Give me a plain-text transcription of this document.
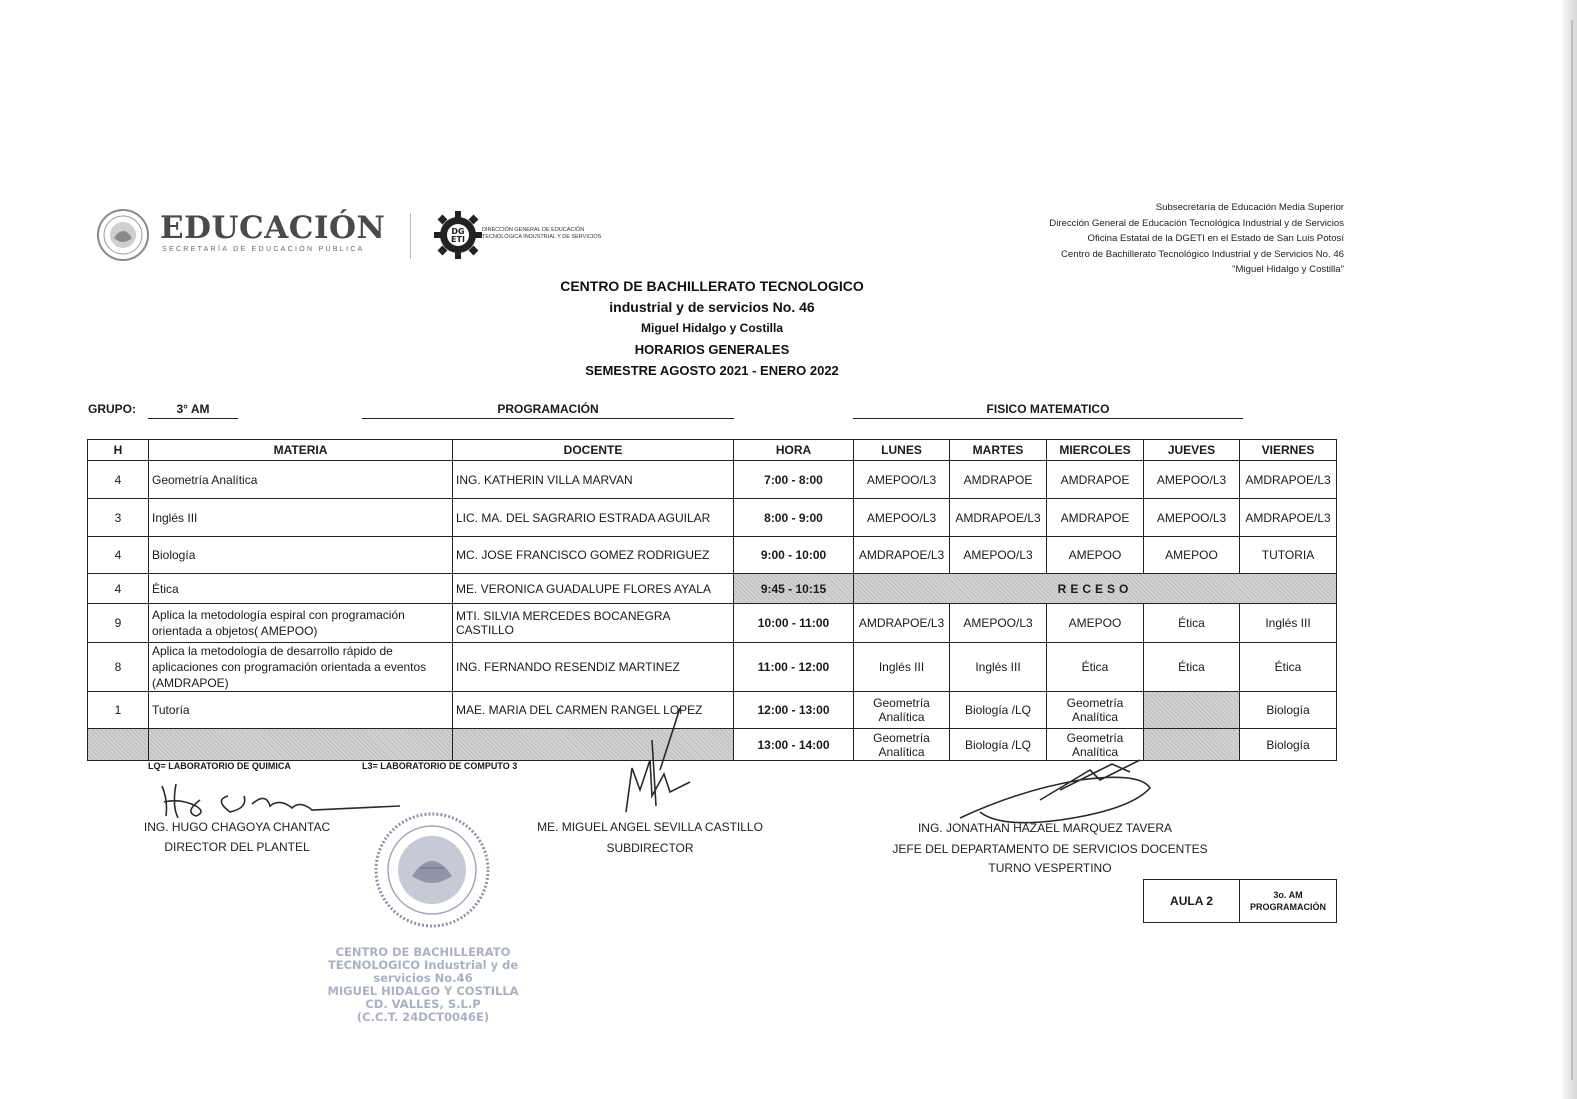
EDUCACIÓN
SECRETARÍA DE EDUCACIÓN PÚBLICA
DG
ETI
DIRECCIÓN GENERAL DE EDUCACIÓN
TECNOLÓGICA INDUSTRIAL Y DE SERVICIOS
Subsecretaría de Educación Media Superior
Dirección General de Educación Tecnológica Industrial y de Servicios
Oficina Estatal de la DGETI en el Estado de San Luis Potosí
Centro de Bachillerato Tecnológico Industrial y de Servicios No. 46
"Miguel Hidalgo y Costilla"
CENTRO DE BACHILLERATO TECNOLOGICO
industrial y de servicios No. 46
Miguel Hidalgo y Costilla
HORARIOS GENERALES
SEMESTRE AGOSTO 2021 - ENERO 2022
GRUPO:	3° AM	PROGRAMACIÓN	FISICO MATEMATICO
H	MATERIA	DOCENTE	HORA	LUNES	MARTES	MIERCOLES	JUEVES	VIERNES
4	Geometría Analítica	ING. KATHERIN VILLA MARVAN	7:00 - 8:00	AMEPOO/L3	AMDRAPOE	AMDRAPOE	AMEPOO/L3	AMDRAPOE/L3
3	Inglés III	LIC. MA. DEL SAGRARIO ESTRADA AGUILAR	8:00 - 9:00	AMEPOO/L3	AMDRAPOE/L3	AMDRAPOE	AMEPOO/L3	AMDRAPOE/L3
4	Biología	MC. JOSE FRANCISCO GOMEZ RODRIGUEZ	9:00 - 10:00	AMDRAPOE/L3	AMEPOO/L3	AMEPOO	AMEPOO	TUTORIA
4	Ética	ME. VERONICA GUADALUPE FLORES AYALA	9:45 - 10:15	RECESO				
9	Aplica la metodología espiral con programación orientada a objetos( AMEPOO)	MTI. SILVIA MERCEDES BOCANEGRA CASTILLO	10:00 - 11:00	AMDRAPOE/L3	AMEPOO/L3	AMEPOO	Ética	Inglés III
8	Aplica la metodología de desarrollo rápido de aplicaciones con programación orientada a eventos (AMDRAPOE)	ING. FERNANDO RESENDIZ MARTINEZ	11:00 - 12:00	Inglés III	Inglés III	Ética	Ética	Ética
1	Tutoría	MAE. MARIA DEL CARMEN RANGEL LOPEZ	12:00 - 13:00	Geometría Analítica	Biología /LQ	Geometría Analítica		Biología
			13:00 - 14:00	Geometría Analítica	Biología /LQ	Geometría Analítica		Biología
LQ= LABORATORIO DE QUIMICA	L3= LABORATORIO DE COMPUTO 3
ING. HUGO CHAGOYA CHANTAC
DIRECTOR DEL PLANTEL
ME. MIGUEL ANGEL SEVILLA CASTILLO
SUBDIRECTOR
ING. JONATHAN HAZAEL MARQUEZ TAVERA
JEFE DEL DEPARTAMENTO DE SERVICIOS DOCENTES
TURNO VESPERTINO
AULA 2	3o. AM
PROGRAMACIÓN
CENTRO DE BACHILLERATO
TECNOLOGICO Industrial y de
servicios No.46
MIGUEL HIDALGO Y COSTILLA
CD. VALLES, S.L.P
(C.C.T. 24DCT0046E)
